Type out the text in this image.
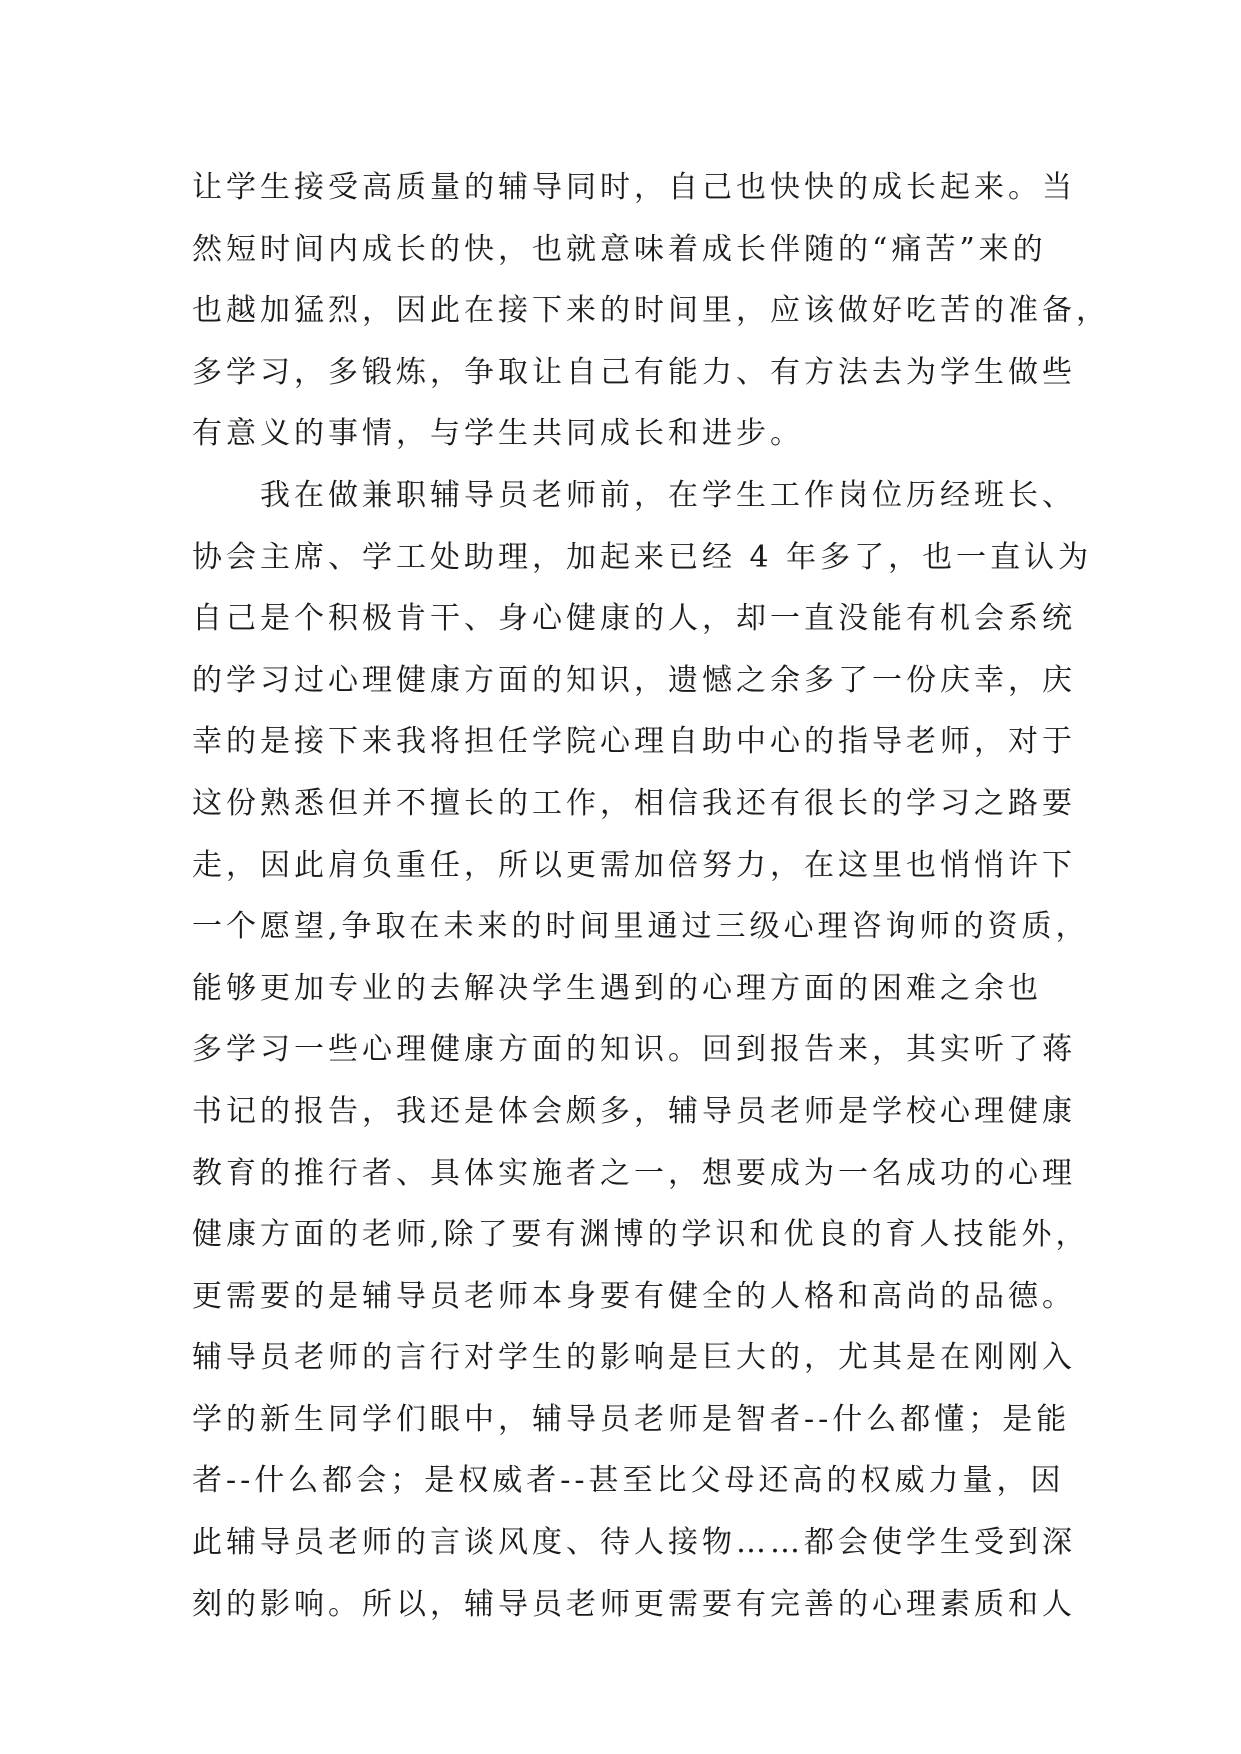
让学生接受高质量的辅导同时，自己也快快的成长起来。当
然短时间内成长的快，也就意味着成长伴随的“痛苦”来的
也越加猛烈，因此在接下来的时间里，应该做好吃苦的准备，
多学习，多锻炼，争取让自己有能力、有方法去为学生做些
有意义的事情，与学生共同成长和进步。
　　我在做兼职辅导员老师前，在学生工作岗位历经班长、
协会主席、学工处助理，加起来已经 4 年多了，也一直认为
自己是个积极肯干、身心健康的人，却一直没能有机会系统
的学习过心理健康方面的知识，遗憾之余多了一份庆幸，庆
幸的是接下来我将担任学院心理自助中心的指导老师，对于
这份熟悉但并不擅长的工作，相信我还有很长的学习之路要
走，因此肩负重任，所以更需加倍努力，在这里也悄悄许下
一个愿望,争取在未来的时间里通过三级心理咨询师的资质，
能够更加专业的去解决学生遇到的心理方面的困难之余也
多学习一些心理健康方面的知识。回到报告来，其实听了蒋
书记的报告，我还是体会颇多，辅导员老师是学校心理健康
教育的推行者、具体实施者之一，想要成为一名成功的心理
健康方面的老师,除了要有渊博的学识和优良的育人技能外，
更需要的是辅导员老师本身要有健全的人格和高尚的品德。
辅导员老师的言行对学生的影响是巨大的，尤其是在刚刚入
学的新生同学们眼中，辅导员老师是智者--什么都懂；是能
者--什么都会；是权威者--甚至比父母还高的权威力量，因
此辅导员老师的言谈风度、待人接物……都会使学生受到深
刻的影响。所以，辅导员老师更需要有完善的心理素质和人
